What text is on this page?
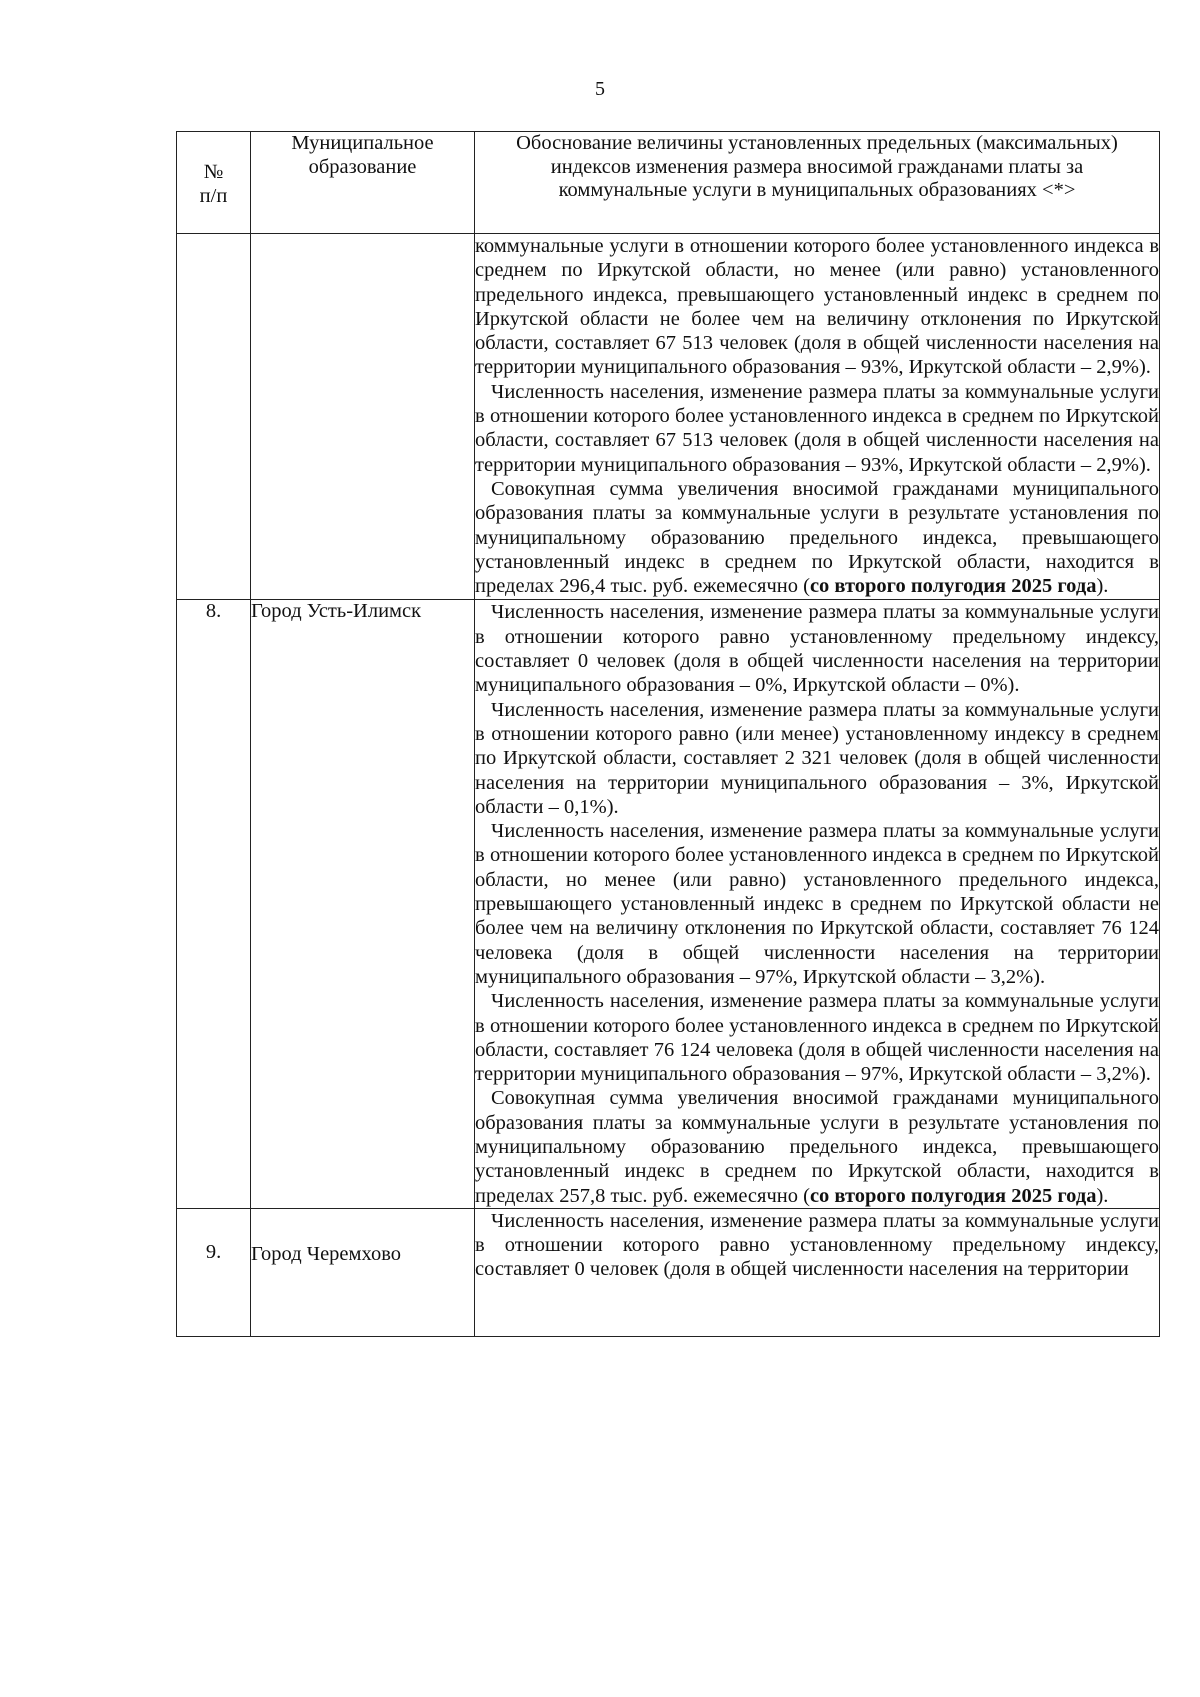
5
№
п/п	Муниципальное образование	Обоснование величины установленных предельных (максимальных) индексов изменения размера вносимой гражданами платы за коммунальные услуги в муниципальных образованиях <*>

		коммунальные услуги в отношении которого более установленного индекса в среднем по Иркутской области, но менее (или равно) установленного предельного индекса, превышающего установленный индекс в среднем по Иркутской области не более чем на величину отклонения по Иркутской области, составляет 67 513 человек (доля в общей численности населения на территории муниципального образования – 93%, Иркутской области – 2,9%).

Численность населения, изменение размера платы за коммунальные услуги в отношении которого более установленного индекса в среднем по Иркутской области, составляет 67 513 человек (доля в общей численности населения на территории муниципального образования – 93%, Иркутской области – 2,9%).

Совокупная сумма увеличения вносимой гражданами муниципального образования платы за коммунальные услуги в результате установления по муниципальному образованию предельного индекса, превышающего установленный индекс в среднем по Иркутской области, находится в пределах 296,4 тыс. руб. ежемесячно (со второго полугодия 2025 года).

8.	Город Усть-Илимск	Численность населения, изменение размера платы за коммунальные услуги в отношении которого равно установленному предельному индексу, составляет 0 человек (доля в общей численности населения на территории муниципального образования – 0%, Иркутской области – 0%).

Численность населения, изменение размера платы за коммунальные услуги в отношении которого равно (или менее) установленному индексу в среднем по Иркутской области, составляет 2 321 человек (доля в общей численности населения на территории муниципального образования – 3%, Иркутской области – 0,1%).

Численность населения, изменение размера платы за коммунальные услуги в отношении которого более установленного индекса в среднем по Иркутской области, но менее (или равно) установленного предельного индекса, превышающего установленный индекс в среднем по Иркутской области не более чем на величину отклонения по Иркутской области, составляет 76 124 человека (доля в общей численности населения на территории муниципального образования – 97%, Иркутской области – 3,2%).

Численность населения, изменение размера платы за коммунальные услуги в отношении которого более установленного индекса в среднем по Иркутской области, составляет 76 124 человека (доля в общей численности населения на территории муниципального образования – 97%, Иркутской области – 3,2%).

Совокупная сумма увеличения вносимой гражданами муниципального образования платы за коммунальные услуги в результате установления по муниципальному образованию предельного индекса, превышающего установленный индекс в среднем по Иркутской области, находится в пределах 257,8 тыс. руб. ежемесячно (со второго полугодия 2025 года).

9.	Город Черемхово	Численность населения, изменение размера платы за коммунальные услуги в отношении которого равно установленному предельному индексу, составляет 0 человек (доля в общей численности населения на территории
